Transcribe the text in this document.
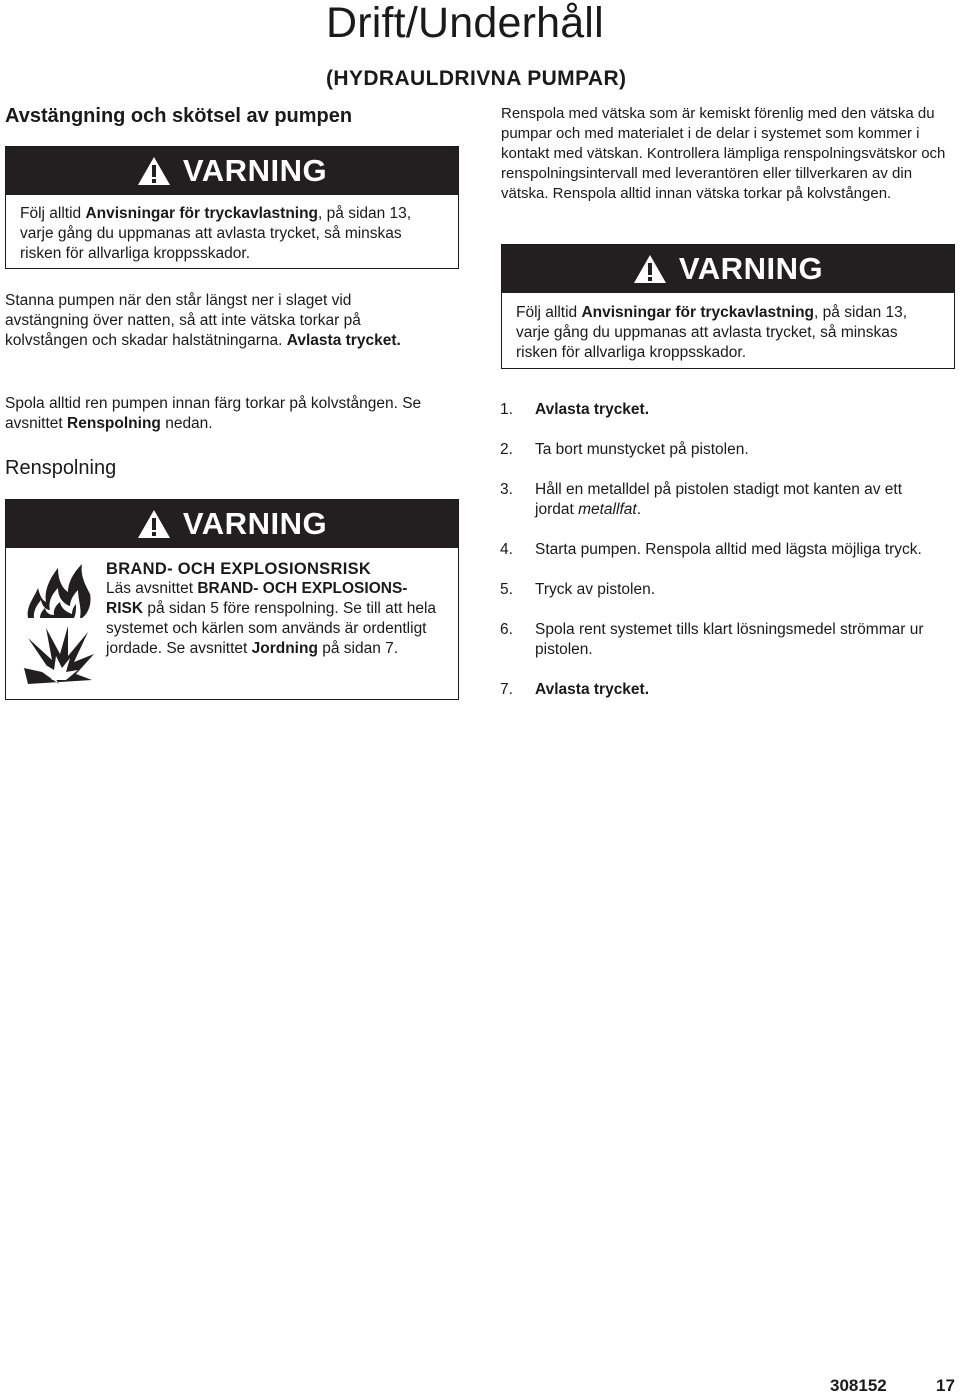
Drift/Underhåll
(HYDRAULDRIVNA PUMPAR)
Avstängning och skötsel av pumpen
VARNING
Följ alltid Anvisningar för tryckavlastning, på sidan 13, varje gång du uppmanas att avlasta trycket, så minskas risken för allvarliga kroppsskador.
Stanna pumpen när den står längst ner i slaget vid avstängning över natten, så att inte vätska torkar på kolvstången och skadar halstätningarna. Avlasta trycket.
Spola alltid ren pumpen innan färg torkar på kolvstången. Se avsnittet Renspolning nedan.
Renspolning
VARNING
BRAND- OCH EXPLOSIONSRISK
Läs avsnittet BRAND- OCH EXPLOSIONS-RISK på sidan 5 före renspolning. Se till att hela systemet och kärlen som används är ordentligt jordade. Se avsnittet Jordning på sidan 7.
Renspola med vätska som är kemiskt förenlig med den vätska du pumpar och med materialet i de delar i systemet som kommer i kontakt med vätskan. Kontrollera lämpliga renspolningsvätskor och renspolningsintervall med leverantören eller tillverkaren av din vätska. Renspola alltid innan vätska torkar på kolvstången.
VARNING
Följ alltid Anvisningar för tryckavlastning, på sidan 13, varje gång du uppmanas att avlasta trycket, så minskas risken för allvarliga kroppsskador.
1. Avlasta trycket.
2. Ta bort munstycket på pistolen.
3. Håll en metalldel på pistolen stadigt mot kanten av ett jordat metallfat.
4. Starta pumpen. Renspola alltid med lägsta möjliga tryck.
5. Tryck av pistolen.
6. Spola rent systemet tills klart lösningsmedel strömmar ur pistolen.
7. Avlasta trycket.
308152	17
